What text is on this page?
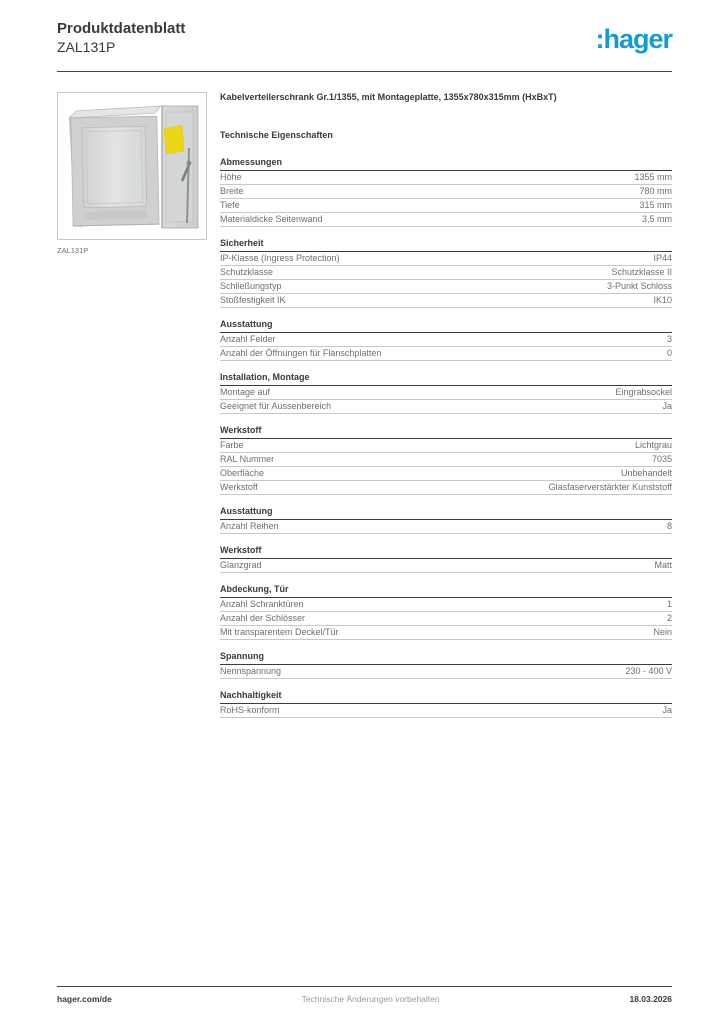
Produktdatenblatt
ZAL131P	:hager
ZAL131P
Kabelverteilerschrank Gr.1/1355, mit Montageplatte, 1355x780x315mm (HxBxT)
Technische Eigenschaften
Abmessungen
Höhe	1355 mm
Breite	780 mm
Tiefe	315 mm
Materialdicke Seitenwand	3,5 mm
Sicherheit
IP-Klasse (Ingress Protection)	IP44
Schutzklasse	Schutzklasse II
Schließungstyp	3-Punkt Schloss
Stoßfestigkeit IK	IK10
Ausstattung
Anzahl Felder	3
Anzahl der Öffnungen für Flanschplatten	0
Installation, Montage
Montage auf	Eingrabsockel
Geeignet für Aussenbereich	Ja
Werkstoff
Farbe	Lichtgrau
RAL Nummer	7035
Oberfläche	Unbehandelt
Werkstoff	Glasfaserverstärkter Kunststoff
Ausstattung
Anzahl Reihen	8
Werkstoff
Glanzgrad	Matt
Abdeckung, Tür
Anzahl Schranktüren	1
Anzahl der Schlösser	2
Mit transparentem Deckel/Tür	Nein
Spannung
Nennspannung	230 - 400 V
Nachhaltigkeit
RoHS-konform	Ja
hager.com/de	Technische Änderungen vorbehalten	18.03.2026
